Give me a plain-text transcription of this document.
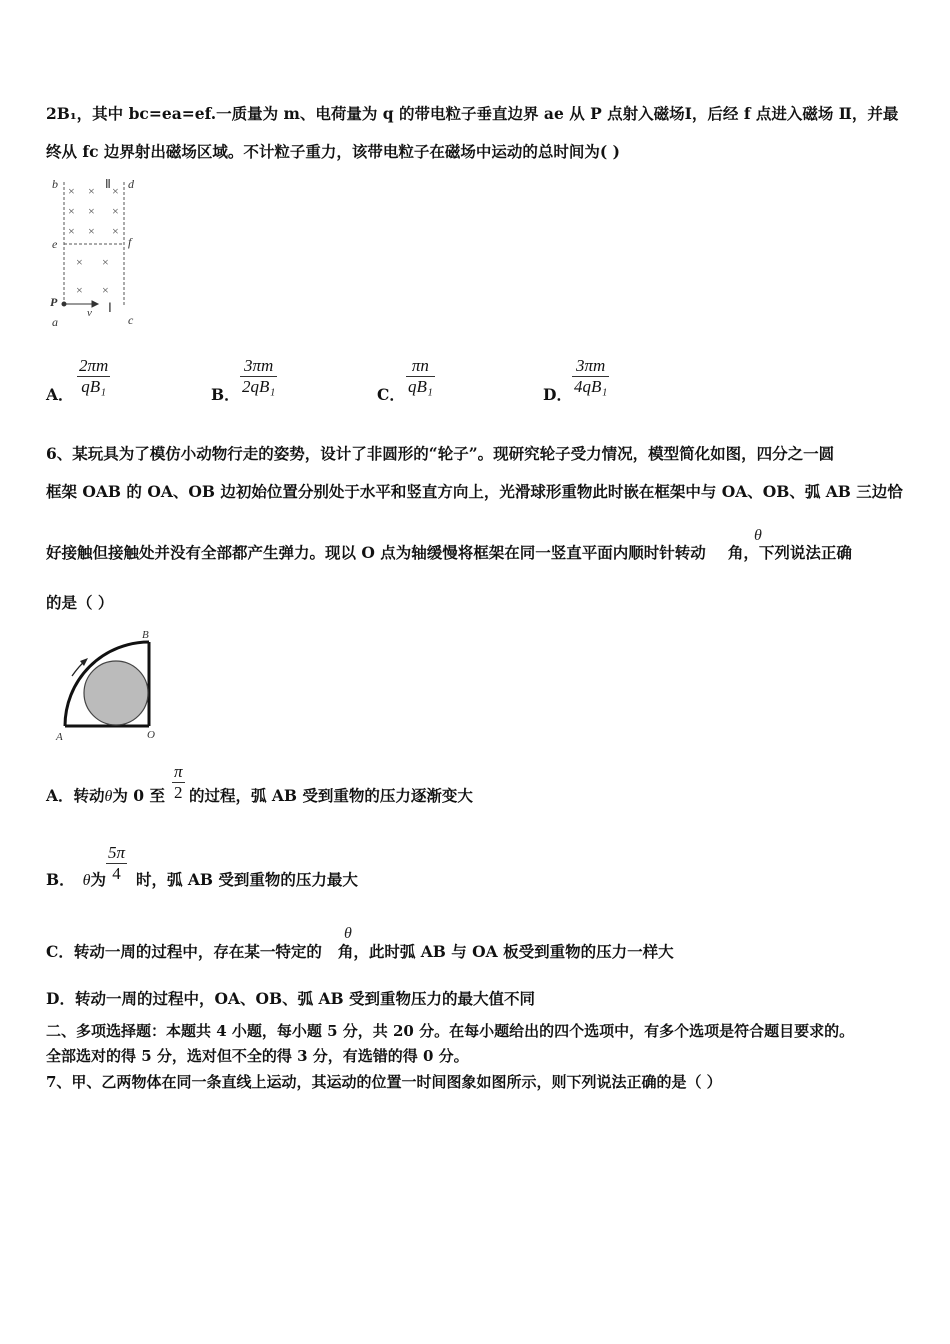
2B₁，其中 bc=ea=ef.一质量为 m、电荷量为 q 的带电粒子垂直边界 ae 从 P 点射入磁场Ⅰ，后经 f 点进入磁场 Ⅱ，并最
终从 fc 边界射出磁场区域。不计粒子重力，该带电粒子在磁场中运动的总时间为( )
b	d
e	f
P
a	c
v Ⅰ
Ⅱ
× × ×
× × ×
× × ×
× ×
× ×
A． $\frac{2\pi m}{\text{qB₁}}$	B． $\frac{3\pi m}{\text{2qB₁}}$	C． $\frac{\pi n}{\text{qB₁}}$	D． $\frac{3\pi m}{\text{4qB₁}}$
6、某玩具为了模仿小动物行走的姿势，设计了非圆形的“轮子”。现研究轮子受力情况，模型简化如图，四分之一圆
框架 OAB 的 OA、OB 边初始位置分别处于水平和竖直方向上，光滑球形重物此时嵌在框架中与 OA、OB、弧 AB 三边恰
好接触但接触处并没有全部都产生弹力。现以 O 点为轴缓慢将框架在同一竖直平面内顺时针转动 角，下列说法正确
θ
的是（ ）
A
B
O
A．转动θ为 0 至 的过程，弧 AB 受到重物的压力逐渐变大
$\frac{\pi}{2}$
B． θ为 时，弧 AB 受到重物的压力最大
$\frac{5\pi}{4}$
C．转动一周的过程中，存在某一特定的 角，此时弧 AB 与 OA 板受到重物的压力一样大
θ
D．转动一周的过程中，OA、OB、弧 AB 受到重物压力的最大值不同
二、多项选择题：本题共 4 小题，每小题 5 分，共 20 分。在每小题给出的四个选项中，有多个选项是符合题目要求的。
全部选对的得 5 分，选对但不全的得 3 分，有选错的得 0 分。
7、甲、乙两物体在同一条直线上运动，其运动的位置一时间图象如图所示，则下列说法正确的是（ ）
